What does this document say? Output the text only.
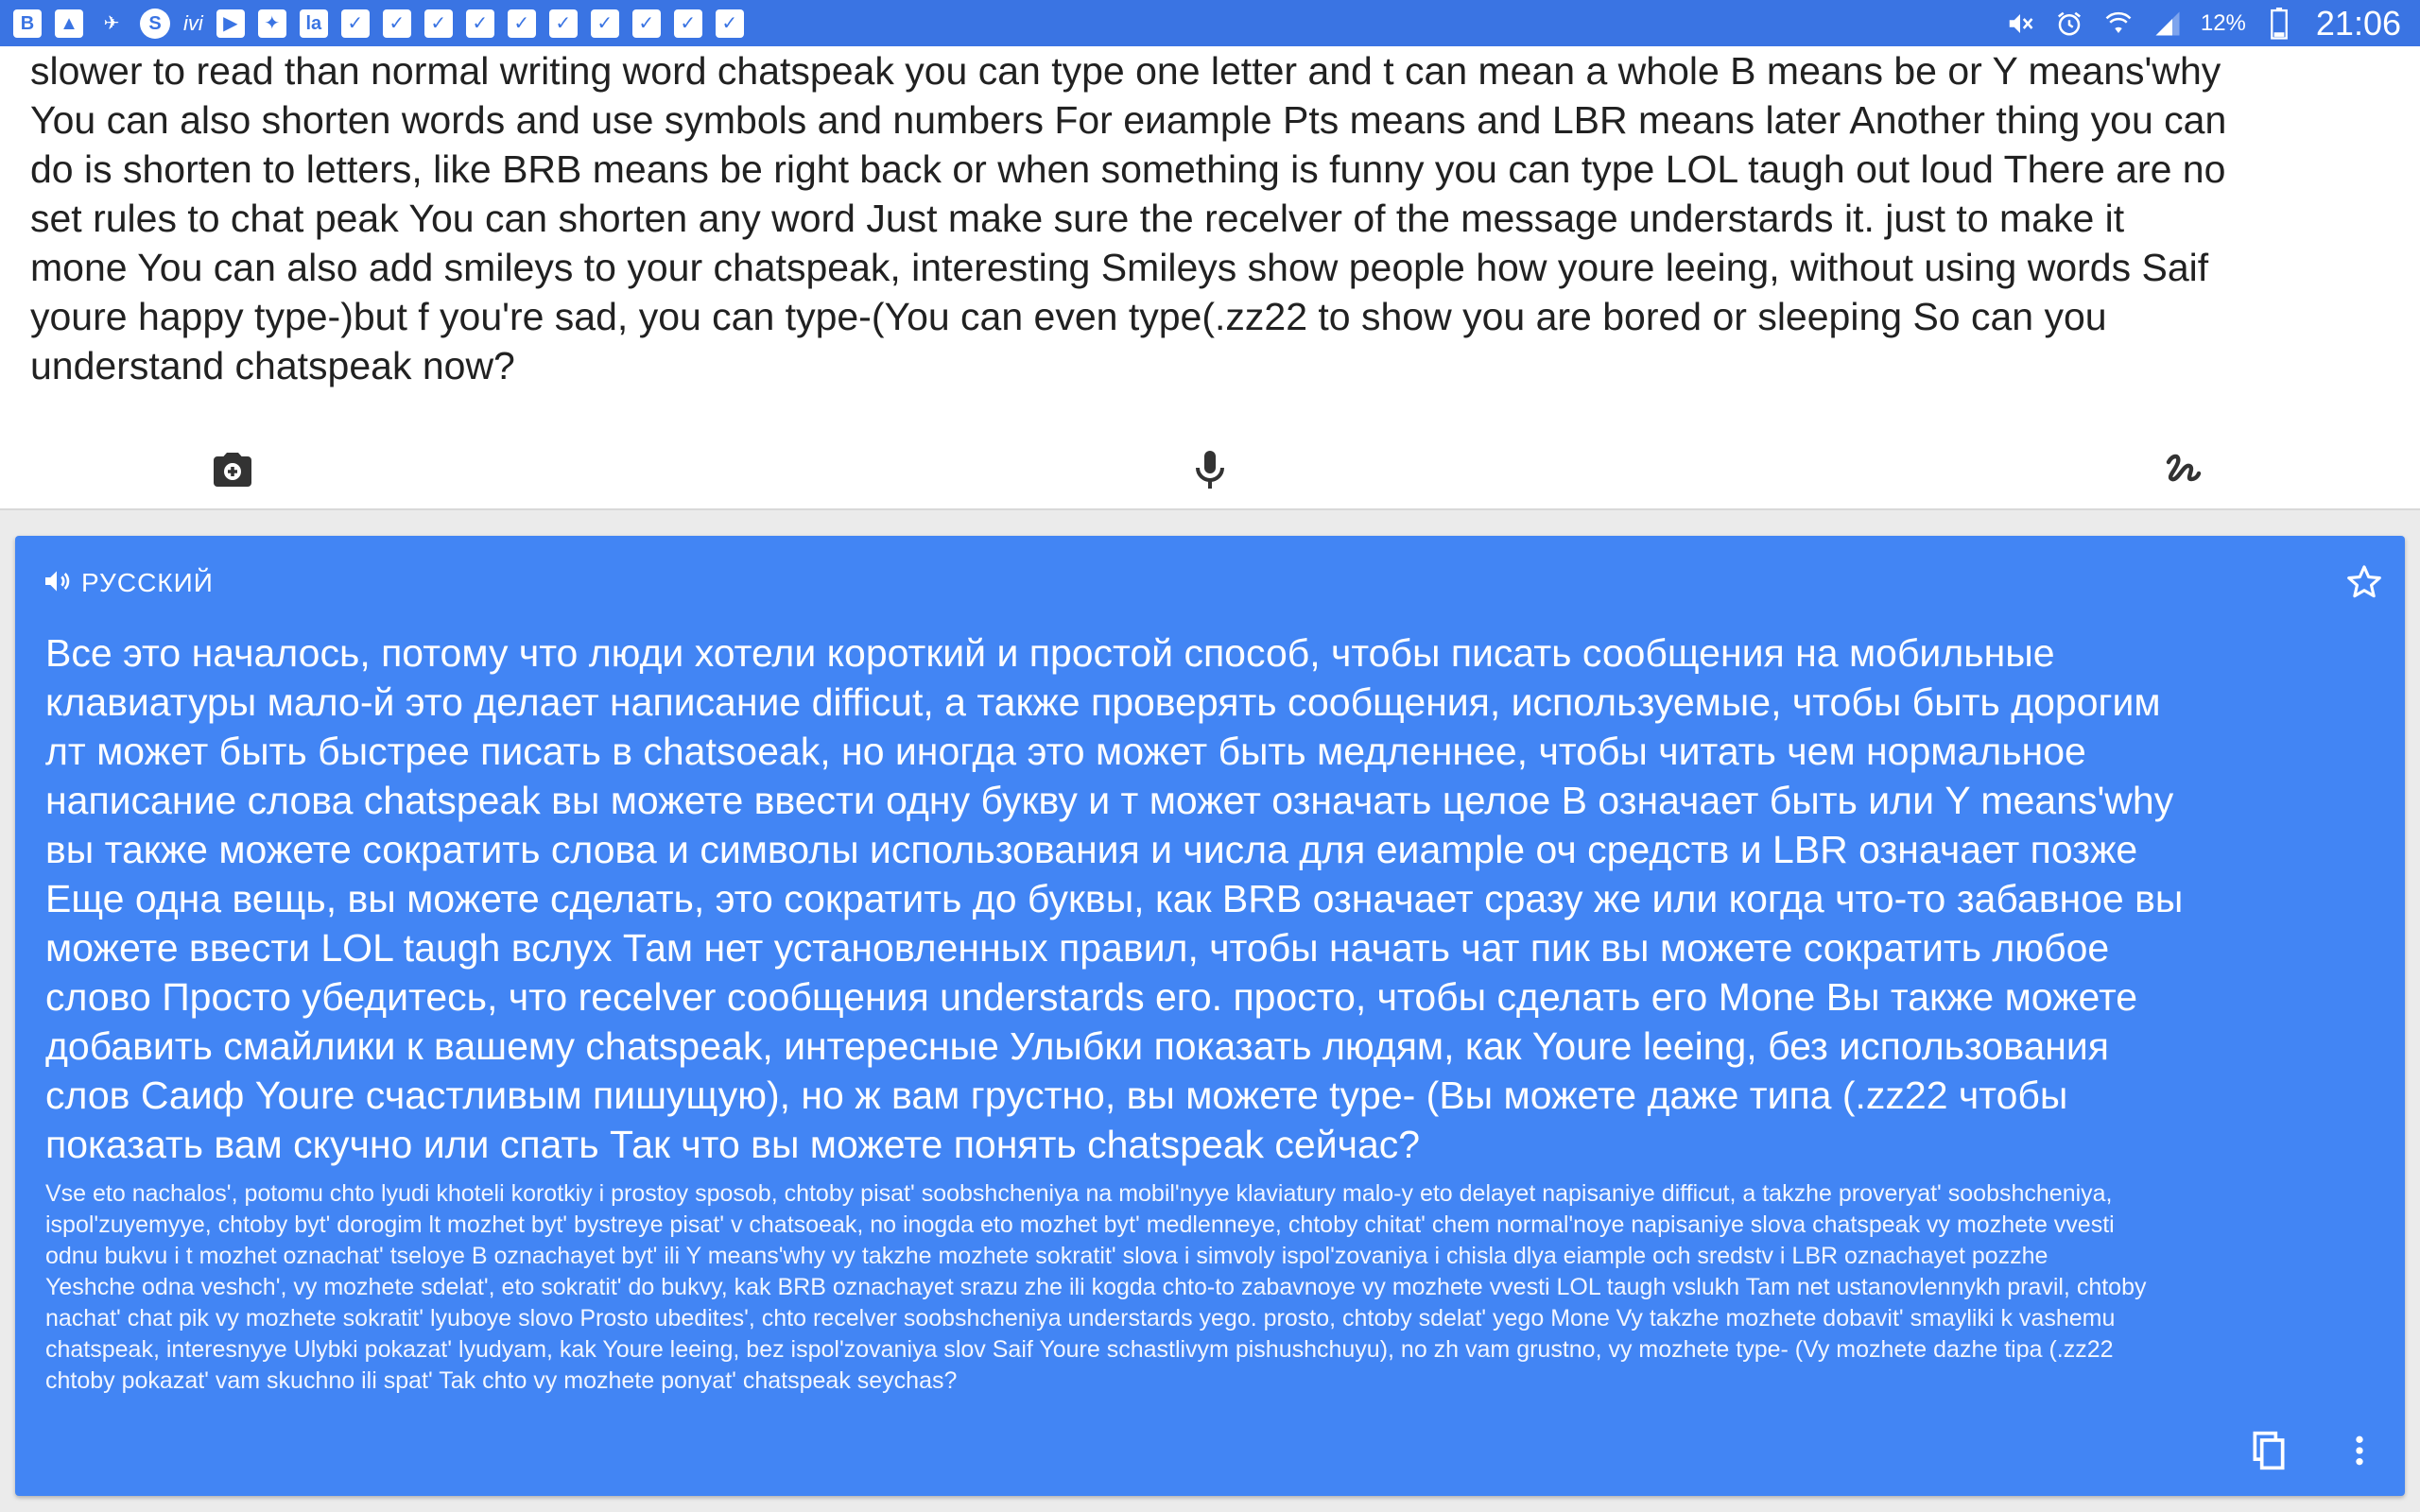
B	▲	✈	S	ivi	▶	✦	la	✓	✓	✓	✓	✓	✓	✓	✓	✓	✓	12% 21:06
slower to read than normal writing word chatspeak you can type one letter and t can mean a whole B means be or Y means'why
You can also shorten words and use symbols and numbers For еиample Pts means and LBR means later Another thing you can
do is shorten to letters, like BRB means be right back or when something is funny you can type LOL taugh out loud There are no
set rules to chat peak You can shorten any word Just make sure the recelver of the message understards it. just to make it
mone You can also add smileys to your chatspeak, interesting Smileys show people how youre leeing, without using words Saif
youre happy type-)but f you're sad, you can type-(You can even type(.zz22 to show you are bored or sleeping So can you
understand chatspeak now?
РУССКИЙ
Все это началось, потому что люди хотели короткий и простой способ, чтобы писать сообщения на мобильные
клавиатуры мало-й это делает написание difficut, а также проверять сообщения, используемые, чтобы быть дорогим
лт может быть быстрее писать в chatsoeak, но иногда это может быть медленнее, чтобы читать чем нормальное
написание слова chatspeak вы можете ввести одну букву и т может означать целое B означает быть или Y means'why
вы также можете сократить слова и символы использования и числа для еиample оч средств и LBR означает позже
Еще одна вещь, вы можете сделать, это сократить до буквы, как BRB означает сразу же или когда что-то забавное вы
можете ввести LOL taugh вслух Там нет установленных правил, чтобы начать чат пик вы можете сократить любое
слово Просто убедитесь, что recelver сообщения understards его. просто, чтобы сделать его Mone Вы также можете
добавить смайлики к вашему chatspeak, интересные Улыбки показать людям, как Youre leeing, без использования
слов Саиф Youre счастливым пишущую), но ж вам грустно, вы можете type- (Вы можете даже типа (.zz22 чтобы
показать вам скучно или спать Так что вы можете понять chatspeak сейчас?
Vse eto nachalos', potomu chto lyudi khoteli korotkiy i prostoy sposob, chtoby pisat' soobshcheniya na mobil'nyye klaviatury malo-y eto delayet napisaniye difficut, a takzhe proveryat' soobshcheniya,
ispol'zuyemyye, chtoby byt' dorogim lt mozhet byt' bystreye pisat' v chatsoeak, no inogda eto mozhet byt' medlenneye, chtoby chitat' chem normal'noye napisaniye slova chatspeak vy mozhete vvesti
odnu bukvu i t mozhet oznachat' tseloye B oznachayet byt' ili Y means'why vy takzhe mozhete sokratit' slova i simvoly ispol'zovaniya i chisla dlya eiample och sredstv i LBR oznachayet pozzhe
Yeshche odna veshch', vy mozhete sdelat', eto sokratit' do bukvy, kak BRB oznachayet srazu zhe ili kogda chto-to zabavnoye vy mozhete vvesti LOL taugh vslukh Tam net ustanovlennykh pravil, chtoby
nachat' chat pik vy mozhete sokratit' lyuboye slovo Prosto ubedites', chto recelver soobshcheniya understards yego. prosto, chtoby sdelat' yego Mone Vy takzhe mozhete dobavit' smayliki k vashemu
chatspeak, interesnyye Ulybki pokazat' lyudyam, kak Youre leeing, bez ispol'zovaniya slov Saif Youre schastlivym pishushchuyu), no zh vam grustno, vy mozhete type- (Vy mozhete dazhe tipa (.zz22
chtoby pokazat' vam skuchno ili spat' Tak chto vy mozhete ponyat' chatspeak seychas?
